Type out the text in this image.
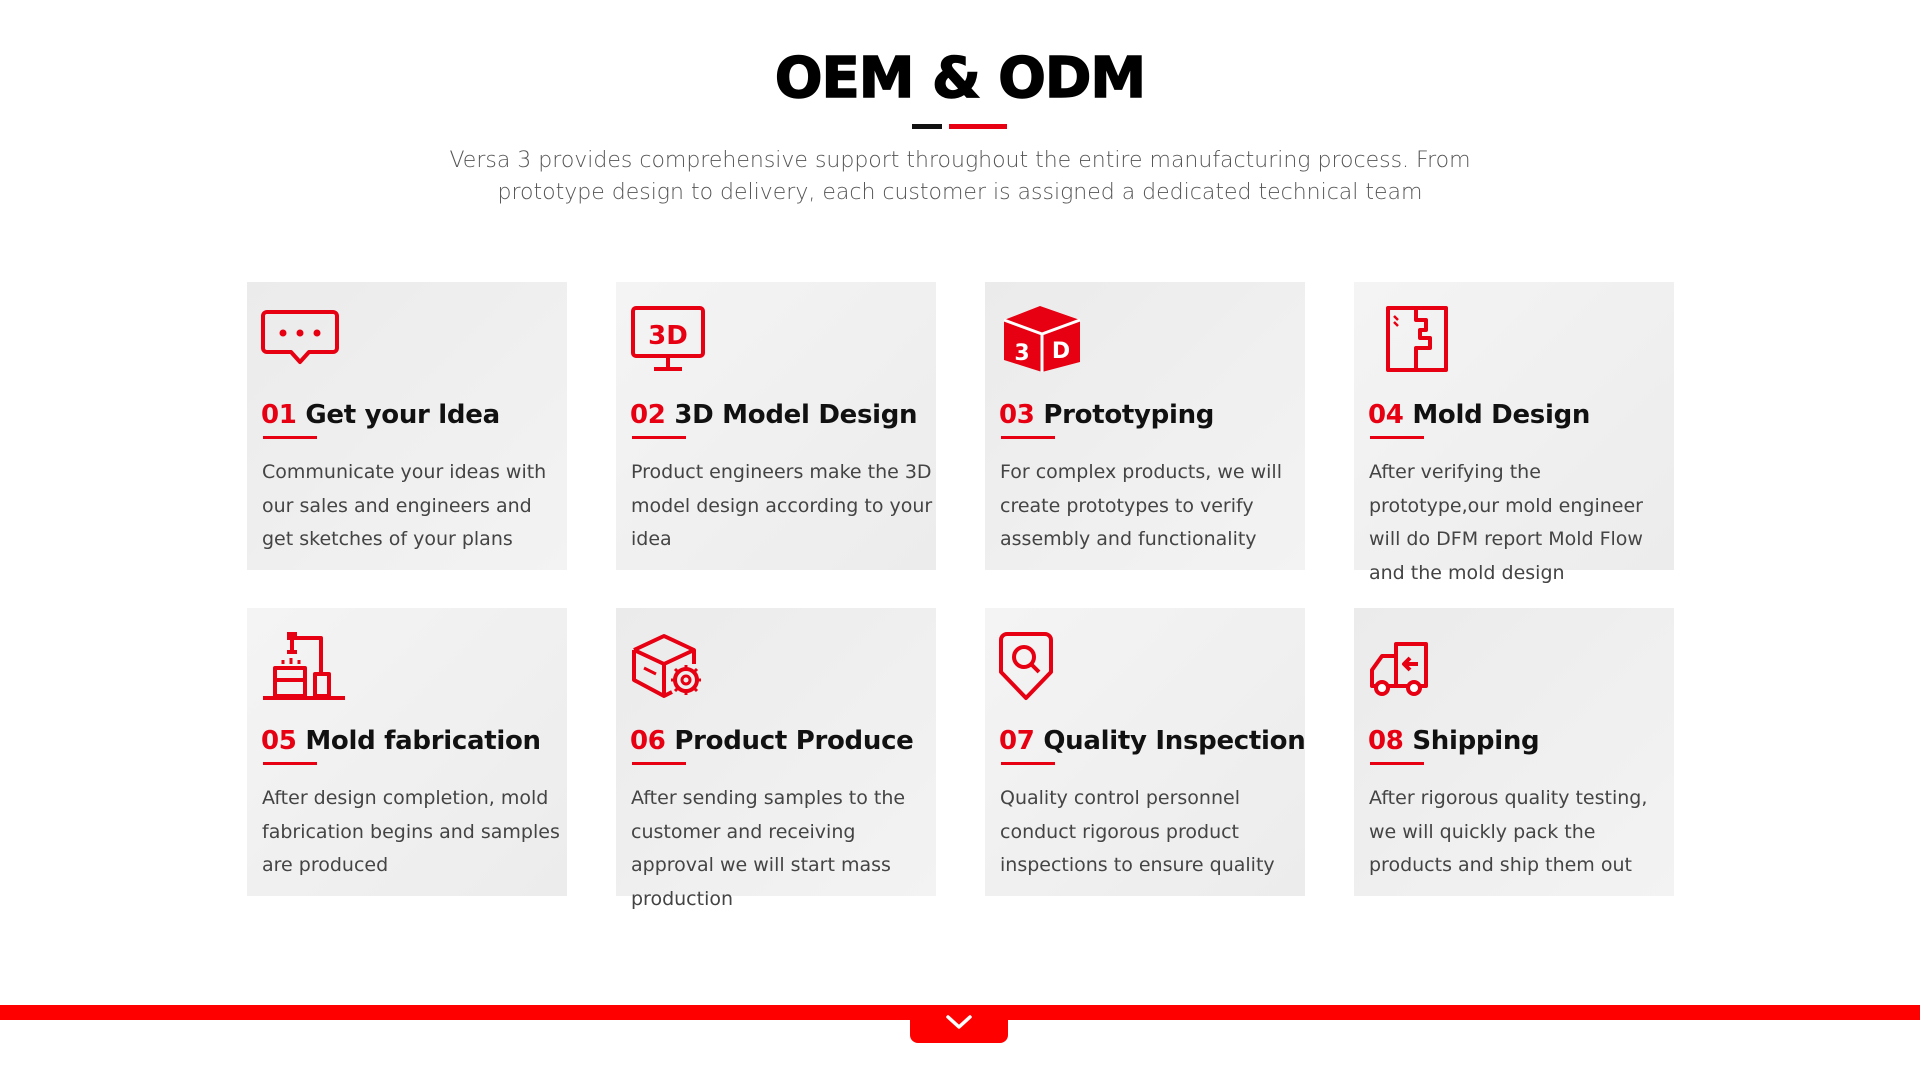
OEM & ODM
Versa 3 provides comprehensive support throughout the entire manufacturing process. From prototype design to delivery, each customer is assigned a dedicated technical team
01 Get your ldea
Communicate your ideas with our sales and engineers and get sketches of your plans
3D
02 3D Model Design
Product engineers make the 3D model design according to your idea
3 D
03 Prototyping
For complex products, we will create prototypes to verify assembly and functionality
04 Mold Design
After verifying the prototype,our mold engineer will do DFM report Mold Flow and the mold design
05 Mold fabrication
After design completion, mold fabrication begins and samples are produced
06 Product Produce
After sending samples to the customer and receiving approval we will start mass production
07 Quality Inspection
Quality control personnel conduct rigorous product inspections to ensure quality
08 Shipping
After rigorous quality testing, we will quickly pack the products and ship them out
